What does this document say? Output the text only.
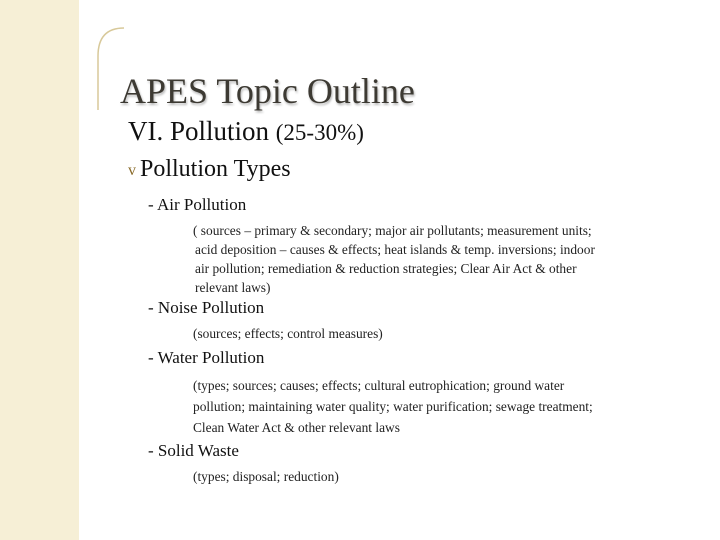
APES Topic Outline
VI. Pollution (25-30%)
v Pollution Types
- Air Pollution
( sources – primary & secondary; major air pollutants; measurement units;
acid deposition – causes & effects; heat islands & temp. inversions; indoor
air pollution; remediation & reduction strategies; Clear Air Act & other
relevant laws)
- Noise Pollution
(sources; effects; control measures)
- Water Pollution
(types; sources; causes; effects; cultural eutrophication; ground water
pollution; maintaining water quality; water purification; sewage treatment;
Clean Water Act & other relevant laws
- Solid Waste
(types; disposal; reduction)
